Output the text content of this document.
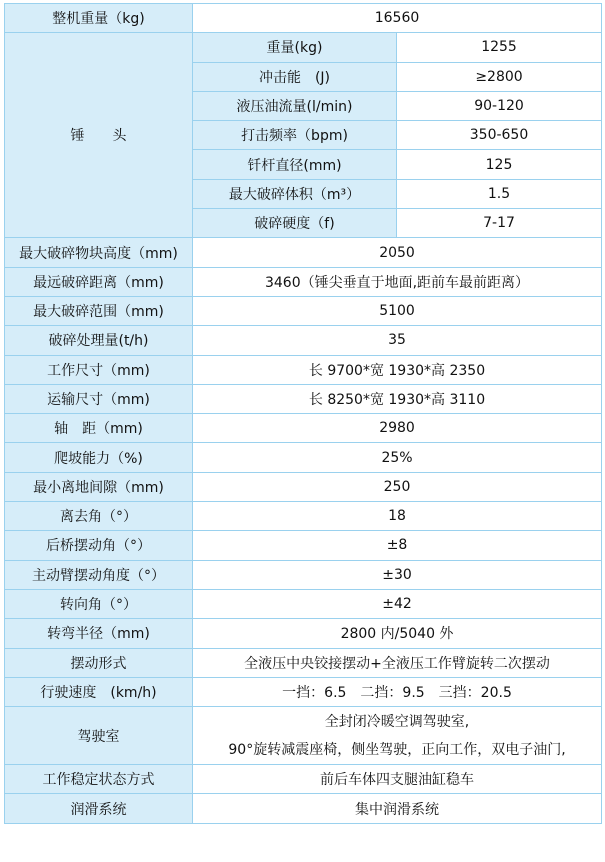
整机重量（kg)	16560	
锤　　头	重量(kg)	1255
	冲击能　(J)	≥2800
	液压油流量(l/min)	90-120
	打击频率（bpm)	350-650
	钎杆直径(mm)	125
	最大破碎体积（m³）	1.5
	破碎硬度（f)	7-17
最大破碎物块高度（mm)	2050	
最远破碎距离（mm)	3460（锤尖垂直于地面,距前车最前距离）	
最大破碎范围（mm)	5100	
破碎处理量(t/h)	35	
工作尺寸（mm)	长 9700*宽 1930*高 2350	
运输尺寸（mm)	长 8250*宽 1930*高 3110	
轴　距（mm)	2980	
爬坡能力（%)	25%	
最小离地间隙（mm)	250	
离去角（°）	18	
后桥摆动角（°）	±8	
主动臂摆动角度（°）	±30	
转向角（°）	±42	
转弯半径（mm)	2800 内/5040 外	
摆动形式	全液压中央铰接摆动+全液压工作臂旋转二次摆动	
行驶速度　(km/h)	一挡：6.5　二挡：9.5　三挡：20.5	
驾驶室	全封闭冷暖空调驾驶室,
90°旋转减震座椅，侧坐驾驶，正向工作，双电子油门,	

工作稳定状态方式	前后车体四支腿油缸稳车	
润滑系统	集中润滑系统	
